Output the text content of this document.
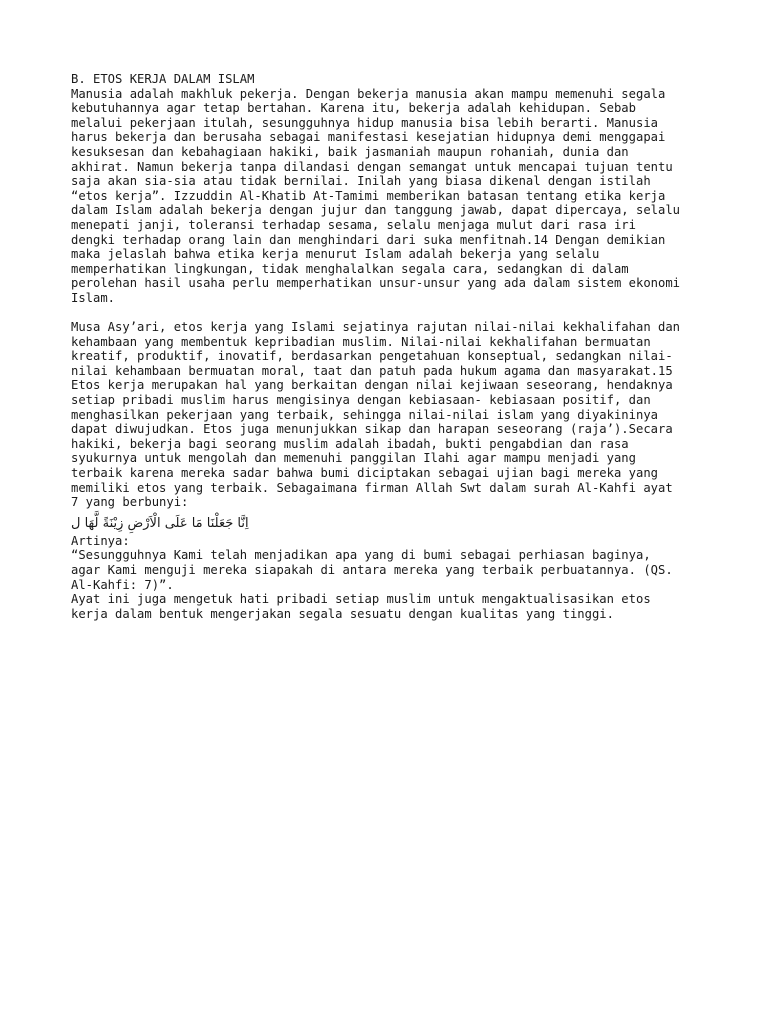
B. ETOS KERJA DALAM ISLAM
Manusia adalah makhluk pekerja. Dengan bekerja manusia akan mampu memenuhi segala
kebutuhannya agar tetap bertahan. Karena itu, bekerja adalah kehidupan. Sebab
melalui pekerjaan itulah, sesungguhnya hidup manusia bisa lebih berarti. Manusia
harus bekerja dan berusaha sebagai manifestasi kesejatian hidupnya demi menggapai
kesuksesan dan kebahagiaan hakiki, baik jasmaniah maupun rohaniah, dunia dan
akhirat. Namun bekerja tanpa dilandasi dengan semangat untuk mencapai tujuan tentu
saja akan sia-sia atau tidak bernilai. Inilah yang biasa dikenal dengan istilah
“etos kerja”. Izzuddin Al-Khatib At-Tamimi memberikan batasan tentang etika kerja
dalam Islam adalah bekerja dengan jujur dan tanggung jawab, dapat dipercaya, selalu
menepati janji, toleransi terhadap sesama, selalu menjaga mulut dari rasa iri
dengki terhadap orang lain dan menghindari dari suka menfitnah.14 Dengan demikian
maka jelaslah bahwa etika kerja menurut Islam adalah bekerja yang selalu
memperhatikan lingkungan, tidak menghalalkan segala cara, sedangkan di dalam
perolehan hasil usaha perlu memperhatikan unsur-unsur yang ada dalam sistem ekonomi
Islam.
Musa Asy’ari, etos kerja yang Islami sejatinya rajutan nilai-nilai kekhalifahan dan
kehambaan yang membentuk kepribadian muslim. Nilai-nilai kekhalifahan bermuatan
kreatif, produktif, inovatif, berdasarkan pengetahuan konseptual, sedangkan nilai-
nilai kehambaan bermuatan moral, taat dan patuh pada hukum agama dan masyarakat.15
Etos kerja merupakan hal yang berkaitan dengan nilai kejiwaan seseorang, hendaknya
setiap pribadi muslim harus mengisinya dengan kebiasaan- kebiasaan positif, dan
menghasilkan pekerjaan yang terbaik, sehingga nilai-nilai islam yang diyakininya
dapat diwujudkan. Etos juga menunjukkan sikap dan harapan seseorang (raja’).Secara
hakiki, bekerja bagi seorang muslim adalah ibadah, bukti pengabdian dan rasa
syukurnya untuk mengolah dan memenuhi panggilan Ilahi agar mampu menjadi yang
terbaik karena mereka sadar bahwa bumi diciptakan sebagai ujian bagi mereka yang
memiliki etos yang terbaik. Sebagaimana firman Allah Swt dalam surah Al-Kahfi ayat
7 yang berbunyi:
اِنَّا جَعَلْنَا مَا عَلَى الْاَرْضِ زِيْنَةً لَّهَا ل
Artinya:
“Sesungguhnya Kami telah menjadikan apa yang di bumi sebagai perhiasan baginya,
agar Kami menguji mereka siapakah di antara mereka yang terbaik perbuatannya. (QS.
Al-Kahfi: 7)”.
Ayat ini juga mengetuk hati pribadi setiap muslim untuk mengaktualisasikan etos
kerja dalam bentuk mengerjakan segala sesuatu dengan kualitas yang tinggi.
